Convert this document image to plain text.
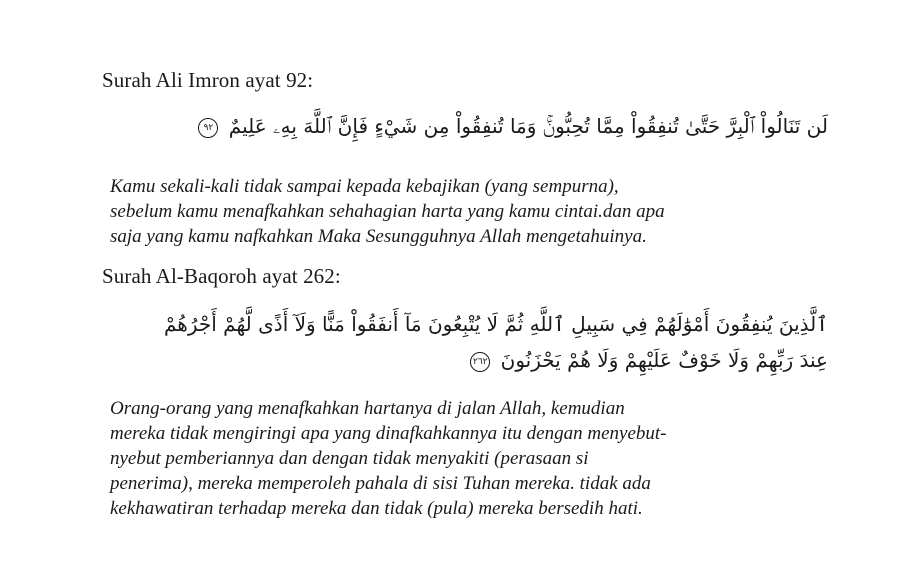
Surah Ali Imron ayat 92:
لَن تَنَالُواْ ٱلْبِرَّ حَتَّىٰ تُنفِقُواْ مِمَّا تُحِبُّونَۚ وَمَا تُنفِقُواْ مِن شَيْءٍ فَإِنَّ ٱللَّهَ بِهِۦ عَلِيمٌ ٩٢
Kamu sekali-kali tidak sampai kepada kebajikan (yang sempurna),
sebelum kamu menafkahkan sehahagian harta yang kamu cintai.dan apa
saja yang kamu nafkahkan Maka Sesungguhnya Allah mengetahuinya.
Surah Al-Baqoroh ayat 262:
ٱلَّذِينَ يُنفِقُونَ أَمْوَٰلَهُمْ فِي سَبِيلِ ٱللَّهِ ثُمَّ لَا يُتْبِعُونَ مَآ أَنفَقُواْ مَنًّا وَلَآ أَذًى لَّهُمْ أَجْرُهُمْ
عِندَ رَبِّهِمْ وَلَا خَوْفٌ عَلَيْهِمْ وَلَا هُمْ يَحْزَنُونَ ٢٦٢
Orang-orang yang menafkahkan hartanya di jalan Allah, kemudian
mereka tidak mengiringi apa yang dinafkahkannya itu dengan menyebut-
nyebut pemberiannya dan dengan tidak menyakiti (perasaan si
penerima), mereka memperoleh pahala di sisi Tuhan mereka. tidak ada
kekhawatiran terhadap mereka dan tidak (pula) mereka bersedih hati.
